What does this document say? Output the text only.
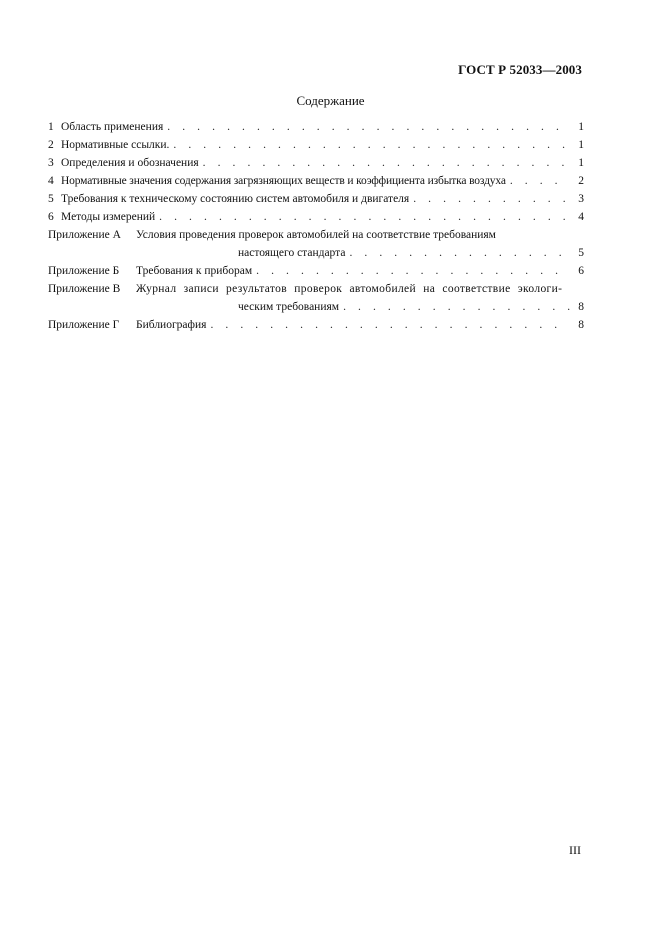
ГОСТ Р 52033—2003
Содержание
1 Область применения . . .	1
2 Нормативные ссылки. . . .	1
3 Определения и обозначения . . .	1
4 Нормативные значения содержания загрязняющих веществ и коэффициента избытка воздуха . . .	2
5 Требования к техническому состоянию систем автомобиля и двигателя . . .	3
6 Методы измерений . . .	4
Приложение А	Условия проведения проверок автомобилей на соответствие требованиям
настоящего стандарта . . .	5
Приложение Б	Требования к приборам . . .	6
Приложение В	Журнал записи результатов проверок автомобилей на соответствие экологи-
ческим требованиям . . .	8
Приложение Г	Библиография . . .	8
III
